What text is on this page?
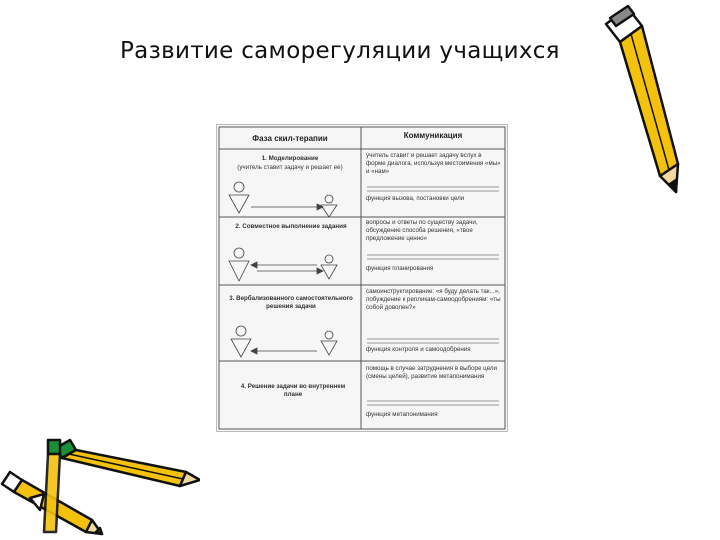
Развитие саморегуляции учащихся
Фаза скил-терапии	Коммуникация
1. Моделирование
(учитель ставит задачу и решает ее)
учитель ставит и решает задачу вслух в форме диалога, используя местоимения «мы» и «нам»
функция вызова, постановки цели
2. Совместное выполнение задания
вопросы и ответы по существу задачи, обсуждение способа решения, «твое предложение ценно»
функция планирования
3. Вербализованного самостоятельного решения задачи
самоинструктирование: «я буду делать так...», побуждение к репликам-самоодобрениям: «ты собой доволен?»
функция контроля и самоодобрения
4. Решение задачи во внутреннем плане
помощь в случае затруднения в выборе цели (смены целей), развитие метапонимания
функция метапонимания
